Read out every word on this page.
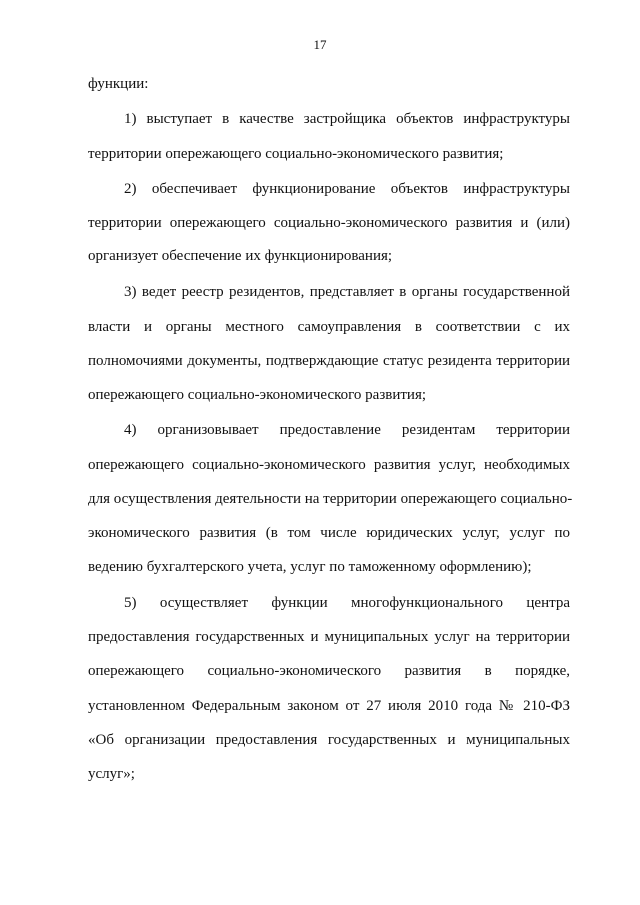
17
функции:
1) выступает в качестве застройщика объектов инфраструктуры
территории опережающего социально-экономического развития;
2) обеспечивает функционирование объектов инфраструктуры
территории опережающего социально-экономического развития и (или)
организует обеспечение их функционирования;
3) ведет реестр резидентов, представляет в органы государственной
власти и органы местного самоуправления в соответствии с их
полномочиями документы, подтверждающие статус резидента территории
опережающего социально-экономического развития;
4) организовывает предоставление резидентам территории
опережающего социально-экономического развития услуг, необходимых
для осуществления деятельности на территории опережающего социально-
экономического развития (в том числе юридических услуг, услуг по
ведению бухгалтерского учета, услуг по таможенному оформлению);
5) осуществляет функции многофункционального центра
предоставления государственных и муниципальных услуг на территории
опережающего социально-экономического развития в порядке,
установленном Федеральным законом от 27 июля 2010 года № 210-ФЗ
«Об организации предоставления государственных и муниципальных
услуг»;
